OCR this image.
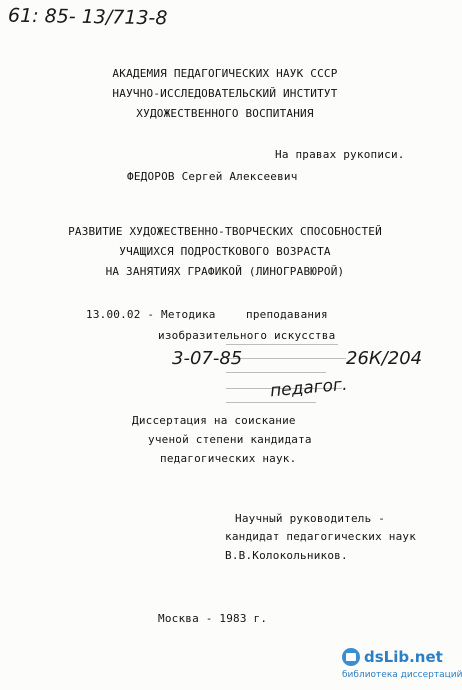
61: 85- 13/713-8
АКАДЕМИЯ ПЕДАГОГИЧЕСКИХ НАУК СССР
НАУЧНО-ИССЛЕДОВАТЕЛЬСКИЙ ИНСТИТУТ
ХУДОЖЕСТВЕННОГО ВОСПИТАНИЯ
На правах рукописи.
ФЕДОРОВ Сергей Алексеевич
РАЗВИТИЕ ХУДОЖЕСТВЕННО-ТВОРЧЕСКИХ СПОСОБНОСТЕЙ
УЧАЩИХСЯ ПОДРОСТКОВОГО ВОЗРАСТА
НА ЗАНЯТИЯХ ГРАФИКОЙ (ЛИНОГРАВЮРОЙ)
13.00.02 - Методика	преподавания
изобразительного искусства
3-07-85	26К/204
педагог.
Диссертация на соискание
ученой степени кандидата
педагогических наук.
Научный руководитель -
кандидат педагогических наук
В.В.Колокольников.
Москва - 1983 г.
dsLib.net
библиотека диссертаций
